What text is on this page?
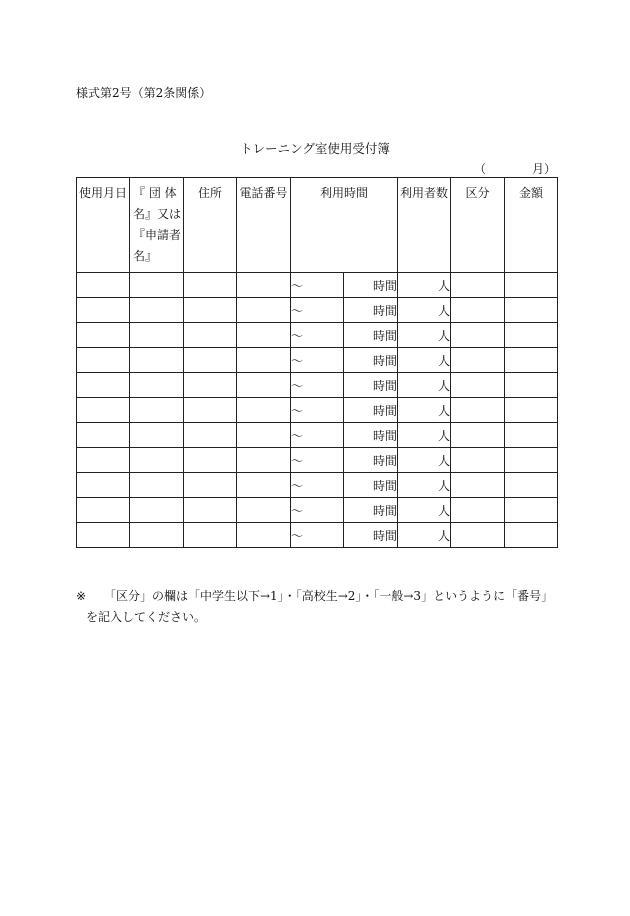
様式第2号（第2条関係）
トレーニング室使用受付簿
（	月）
使用月日	『 団 体
名』又は
『申請者
名』	住所	電話番号	利用時間		利用者数	区分	金額
				～	時間	人		
				～	時間	人		
				～	時間	人		
				～	時間	人		
				～	時間	人		
				～	時間	人		
				～	時間	人		
				～	時間	人		
				～	時間	人		
				～	時間	人		
				～	時間	人		
※	「区分」の欄は「中学生以下→1」・「高校生→2」・「一般→3」というように「番号」
を記入してください。
